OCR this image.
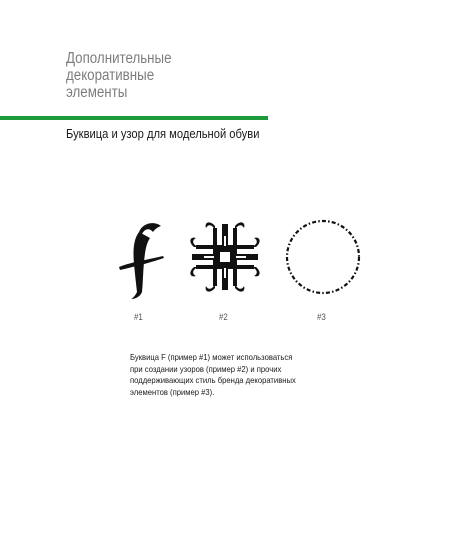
Дополнительные
декоративные
элементы
Буквица и узор для модельной обуви
#1	#2	#3

Буквица F (пример #1) может использоваться
при создании узоров (пример #2) и прочих
поддерживающих стиль бренда декоративных
элементов (пример #3).
